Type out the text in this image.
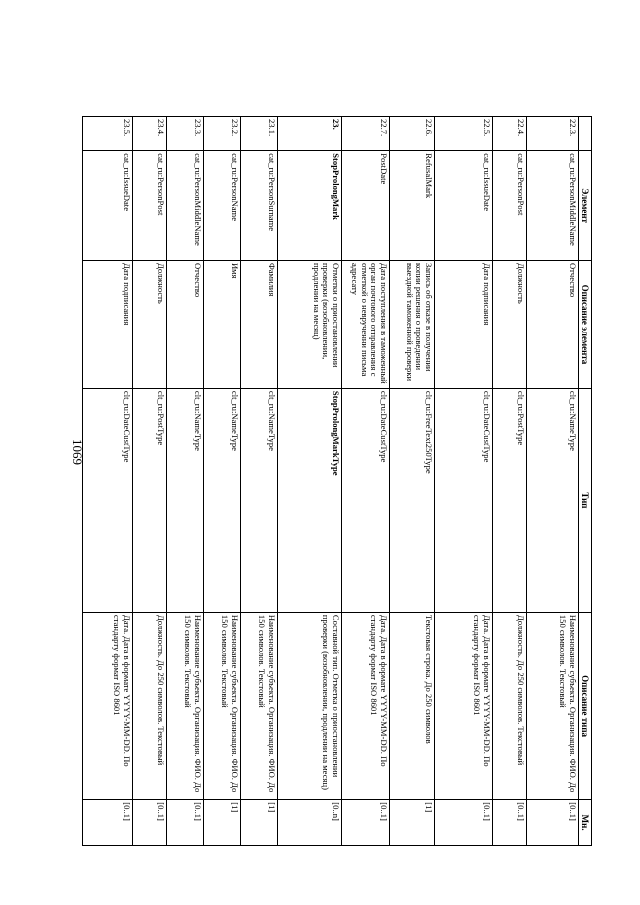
1069
	Элемент	Описание элемента	Тип	Описание типа	Мн.
22.3.	cat_ru:PersonMiddleName	Отчество	clt_ru:NameType	Наименование субъекта. Организация. ФИО. До 150 символов. Текстовый	[0..1]
22.4.	cat_ru:PersonPost	Должность	clt_ru:PostType	Должность. До 250 символов. Текстовый	[0..1]
22.5.	cat_ru:IssueDate	Дата подписания	clt_ru:DateCustType	Дата. Дата в формате YYYY-MM-DD. По стандарту формат ISO 8601	[0..1]
22.6.	RefusalMark	Запись об отказе в получении копии решения о проведении выездной таможенной проверки	clt_ru:FreeText250Type	Текстовая строка. До 250 символов	[1]
22.7.	PostDate	Дата поступления в таможенный орган почтового отправления с отметкой о неврученни письма адресату	clt_ru:DateCustType	Дата. Дата в формате YYYY-MM-DD. По стандарту формат ISO 8601	[0..1]
23.	StopProlongMark	Отметки о приостановлении проверки (возобновлении, продлении на месяц)	StopProlongMarkType	Составной тип. Отметка о приостановлении проверки (возобновлении, продлении на месяц)	[0..n]
23.1.	cat_ru:PersonSurname	Фамилия	clt_ru:NameType	Наименование субъекта. Организация. ФИО. До 150 символов. Текстовый	[1]
23.2.	cat_ru:PersonName	Имя	clt_ru:NameType	Наименование субъекта. Организация. ФИО. До 150 символов. Текстовый	[1]
23.3.	cat_ru:PersonMiddleName	Отчество	clt_ru:NameType	Наименование субъекта. Организация. ФИО. До 150 символов. Текстовый	[0..1]
23.4.	cat_ru:PersonPost	Должность	clt_ru:PostType	Должность. До 250 символов. Текстовый	[0..1]
23.5.	cat_ru:IssueDate	Дата подписания	clt_ru:DateCustType	Дата. Дата в формате YYYY-MM-DD. По стандарту формат ISO 8601	[0..1]
